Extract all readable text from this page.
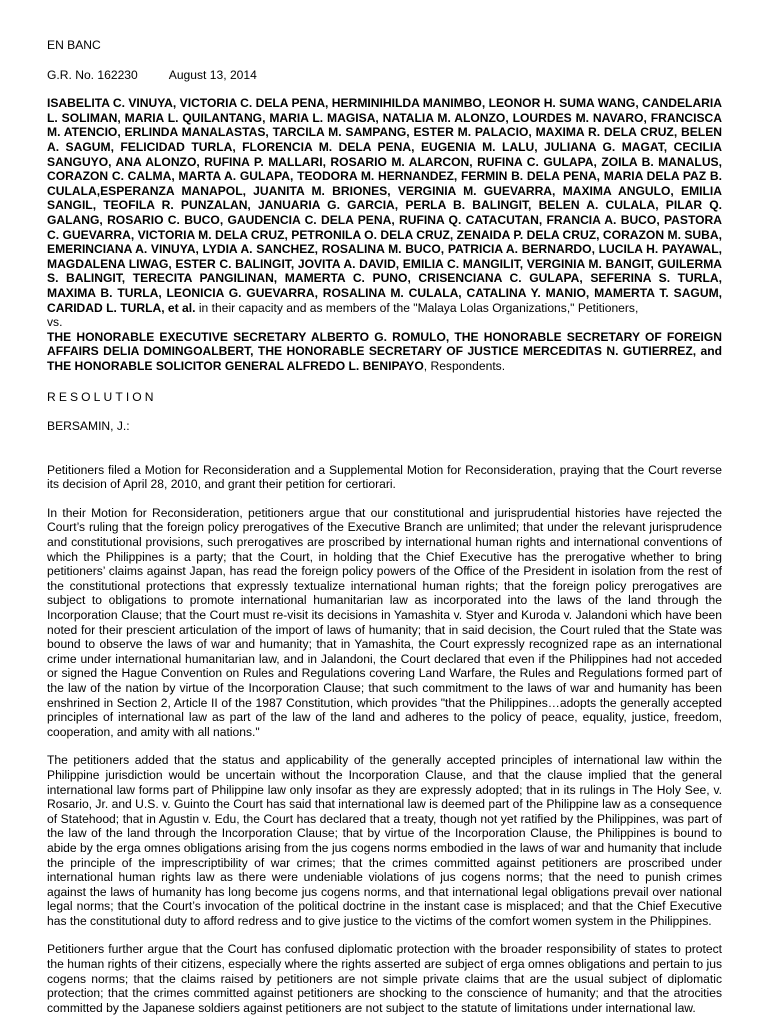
EN BANC
G.R. No. 162230	August 13, 2014
ISABELITA C. VINUYA, VICTORIA C. DELA PENA, HERMINIHILDA MANIMBO, LEONOR H. SUMA WANG, CANDELARIA L. SOLIMAN, MARIA L. QUILANTANG, MARIA L. MAGISA, NATALIA M. ALONZO, LOURDES M. NAVARO, FRANCISCA M. ATENCIO, ERLINDA MANALASTAS, TARCILA M. SAMPANG, ESTER M. PALACIO, MAXIMA R. DELA CRUZ, BELEN A. SAGUM, FELICIDAD TURLA, FLORENCIA M. DELA PENA, EUGENIA M. LALU, JULIANA G. MAGAT, CECILIA SANGUYO, ANA ALONZO, RUFINA P. MALLARI, ROSARIO M. ALARCON, RUFINA C. GULAPA, ZOILA B. MANALUS, CORAZON C. CALMA, MARTA A. GULAPA, TEODORA M. HERNANDEZ, FERMIN B. DELA PENA, MARIA DELA PAZ B. CULALA,ESPERANZA MANAPOL, JUANITA M. BRIONES, VERGINIA M. GUEVARRA, MAXIMA ANGULO, EMILIA SANGIL, TEOFILA R. PUNZALAN, JANUARIA G. GARCIA, PERLA B. BALINGIT, BELEN A. CULALA, PILAR Q. GALANG, ROSARIO C. BUCO, GAUDENCIA C. DELA PENA, RUFINA Q. CATACUTAN, FRANCIA A. BUCO, PASTORA C. GUEVARRA, VICTORIA M. DELA CRUZ, PETRONILA O. DELA CRUZ, ZENAIDA P. DELA CRUZ, CORAZON M. SUBA, EMERINCIANA A. VINUYA, LYDIA A. SANCHEZ, ROSALINA M. BUCO, PATRICIA A. BERNARDO, LUCILA H. PAYAWAL, MAGDALENA LIWAG, ESTER C. BALINGIT, JOVITA A. DAVID, EMILIA C. MANGILIT, VERGINIA M. BANGIT, GUILERMA S. BALINGIT, TERECITA PANGILINAN, MAMERTA C. PUNO, CRISENCIANA C. GULAPA, SEFERINA S. TURLA, MAXIMA B. TURLA, LEONICIA G. GUEVARRA, ROSALINA M. CULALA, CATALINA Y. MANIO, MAMERTA T. SAGUM, CARIDAD L. TURLA, et al. in their capacity and as members of the "Malaya Lolas Organizations," Petitioners,
vs.
THE HONORABLE EXECUTIVE SECRETARY ALBERTO G. ROMULO, THE HONORABLE SECRETARY OF FOREIGN AFFAIRS DELIA DOMINGOALBERT, THE HONORABLE SECRETARY OF JUSTICE MERCEDITAS N. GUTIERREZ, and THE HONORABLE SOLICITOR GENERAL ALFREDO L. BENIPAYO, Respondents.
RESOLUTION
BERSAMIN, J.:

Petitioners filed a Motion for Reconsideration and a Supplemental Motion for Reconsideration, praying that the Court reverse its decision of April 28, 2010, and grant their petition for certiorari.

In their Motion for Reconsideration, petitioners argue that our constitutional and jurisprudential histories have rejected the Court’s ruling that the foreign policy prerogatives of the Executive Branch are unlimited; that under the relevant jurisprudence and constitutional provisions, such prerogatives are proscribed by international human rights and international conventions of which the Philippines is a party; that the Court, in holding that the Chief Executive has the prerogative whether to bring petitioners’ claims against Japan, has read the foreign policy powers of the Office of the President in isolation from the rest of the constitutional protections that expressly textualize international human rights; that the foreign policy prerogatives are subject to obligations to promote international humanitarian law as incorporated into the laws of the land through the Incorporation Clause; that the Court must re-visit its decisions in Yamashita v. Styer and Kuroda v. Jalandoni which have been noted for their prescient articulation of the import of laws of humanity; that in said decision, the Court ruled that the State was bound to observe the laws of war and humanity; that in Yamashita, the Court expressly recognized rape as an international crime under international humanitarian law, and in Jalandoni, the Court declared that even if the Philippines had not acceded or signed the Hague Convention on Rules and Regulations covering Land Warfare, the Rules and Regulations formed part of the law of the nation by virtue of the Incorporation Clause; that such commitment to the laws of war and humanity has been enshrined in Section 2, Article II of the 1987 Constitution, which provides "that the Philippines…adopts the generally accepted principles of international law as part of the law of the land and adheres to the policy of peace, equality, justice, freedom, cooperation, and amity with all nations."

The petitioners added that the status and applicability of the generally accepted principles of international law within the Philippine jurisdiction would be uncertain without the Incorporation Clause, and that the clause implied that the general international law forms part of Philippine law only insofar as they are expressly adopted; that in its rulings in The Holy See, v. Rosario, Jr. and U.S. v. Guinto the Court has said that international law is deemed part of the Philippine law as a consequence of Statehood; that in Agustin v. Edu, the Court has declared that a treaty, though not yet ratified by the Philippines, was part of the law of the land through the Incorporation Clause; that by virtue of the Incorporation Clause, the Philippines is bound to abide by the erga omnes obligations arising from the jus cogens norms embodied in the laws of war and humanity that include the principle of the imprescriptibility of war crimes; that the crimes committed against petitioners are proscribed under international human rights law as there were undeniable violations of jus cogens norms; that the need to punish crimes against the laws of humanity has long become jus cogens norms, and that international legal obligations prevail over national legal norms; that the Court’s invocation of the political doctrine in the instant case is misplaced; and that the Chief Executive has the constitutional duty to afford redress and to give justice to the victims of the comfort women system in the Philippines.

Petitioners further argue that the Court has confused diplomatic protection with the broader responsibility of states to protect the human rights of their citizens, especially where the rights asserted are subject of erga omnes obligations and pertain to jus cogens norms; that the claims raised by petitioners are not simple private claims that are the usual subject of diplomatic protection; that the crimes committed against petitioners are shocking to the conscience of humanity; and that the atrocities committed by the Japanese soldiers against petitioners are not subject to the statute of limitations under international law.
